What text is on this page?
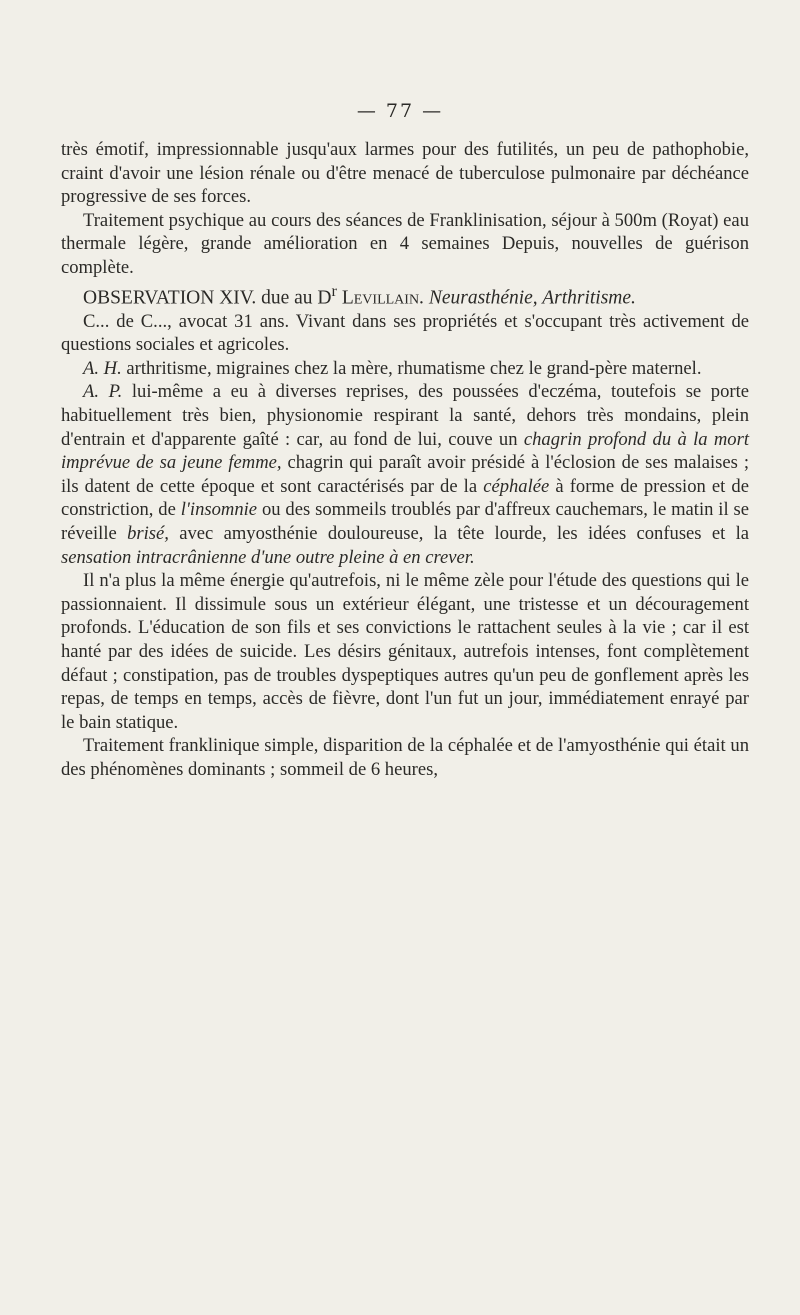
— 77 —

très émotif, impressionnable jusqu'aux larmes pour des futilités, un peu de pathophobie, craint d'avoir une lésion rénale ou d'être menacé de tuberculose pulmonaire par déchéance progressive de ses forces.

Traitement psychique au cours des séances de Franklinisation, séjour à 500m (Royat) eau thermale légère, grande amélioration en 4 semaines Depuis, nouvelles de guérison complète.

OBSERVATION XIV. due au $D^r$ Levillain. Neurasthénie, Arthritisme.

C... de C..., avocat 31 ans. Vivant dans ses propriétés et s'occupant très activement de questions sociales et agricoles.

A. H. arthritisme, migraines chez la mère, rhumatisme chez le grand-père maternel.

A. P. lui-même a eu à diverses reprises, des poussées d'eczéma, toutefois se porte habituellement très bien, physionomie respirant la santé, dehors très mondains, plein d'entrain et d'apparente gaîté : car, au fond de lui, couve un chagrin profond du à la mort imprévue de sa jeune femme, chagrin qui paraît avoir présidé à l'éclosion de ses malaises ; ils datent de cette époque et sont caractérisés par de la céphalée à forme de pression et de constriction, de l'insomnie ou des sommeils troublés par d'affreux cauchemars, le matin il se réveille brisé, avec amyosthénie douloureuse, la tête lourde, les idées confuses et la sensation intracrânienne d'une outre pleine à en crever.

Il n'a plus la même énergie qu'autrefois, ni le même zèle pour l'étude des questions qui le passionnaient. Il dissimule sous un extérieur élégant, une tristesse et un découragement profonds. L'éducation de son fils et ses convictions le rattachent seules à la vie ; car il est hanté par des idées de suicide. Les désirs génitaux, autrefois intenses, font complètement défaut ; constipation, pas de troubles dyspeptiques autres qu'un peu de gonflement après les repas, de temps en temps, accès de fièvre, dont l'un fut un jour, immédiatement enrayé par le bain statique.

Traitement franklinique simple, disparition de la céphalée et de l'amyosthénie qui était un des phénomènes dominants ; sommeil de 6 heures,
